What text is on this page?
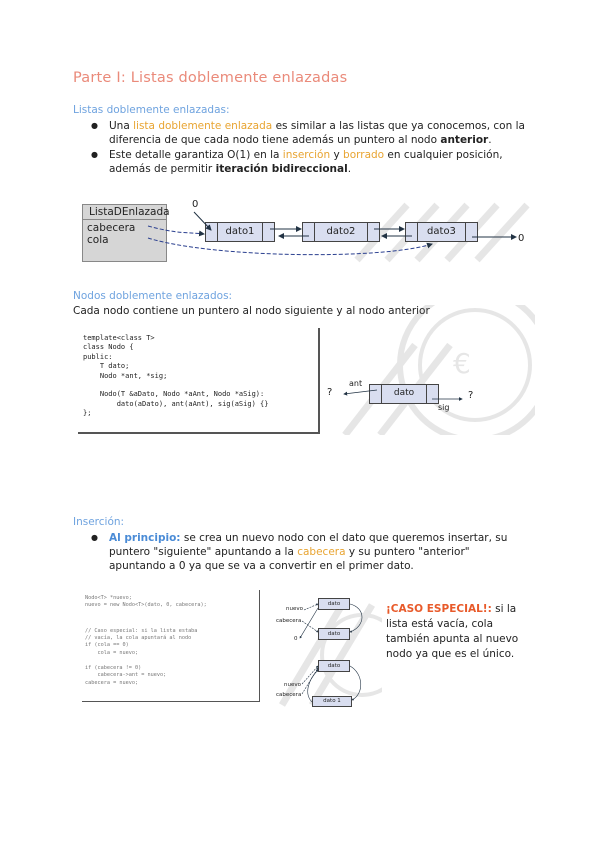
Parte I: Listas doblemente enlazadas
Listas doblemente enlazadas:
● Una lista doblemente enlazada es similar a las listas que ya conocemos, con la diferencia de que cada nodo tiene además un puntero al nodo anterior.
● Este detalle garantiza O(1) en la inserción y borrado en cualquier posición, además de permitir iteración bidireccional.
ListaDEnlazada
cabecera
cola
0
0
dato1	dato2	dato3
Nodos doblemente enlazados:
Cada nodo contiene un puntero al nodo siguiente y al nodo anterior
template<class T>
class Nodo {
public:
T dato;
Nodo *ant, *sig;
Nodo(T &aDato, Nodo *aAnt, Nodo *aSig):
dato(aDato), ant(aAnt), sig(aSig) {}
};
€
?
ant
dato
sig
?
Inserción:
● Al principio: se crea un nuevo nodo con el dato que queremos insertar, su puntero "siguiente" apuntando a la cabecera y su puntero "anterior" apuntando a 0 ya que se va a convertir en el primer dato.
Nodo<T> *nuevo;
nuevo = new Nodo<T>(dato, 0, cabecera);
// Caso especial: si la lista estaba
// vacía, la cola apuntará al nodo
if (cola == 0)
cola = nuevo;
if (cabecera != 0)
cabecera->ant = nuevo;
cabecera = nuevo;
nuevo
cabecera
0
nuevo
cabecera
dato
dato
dato
dato 1
¡CASO ESPECIAL!: si la lista está vacía, cola también apunta al nuevo nodo ya que es el único.
